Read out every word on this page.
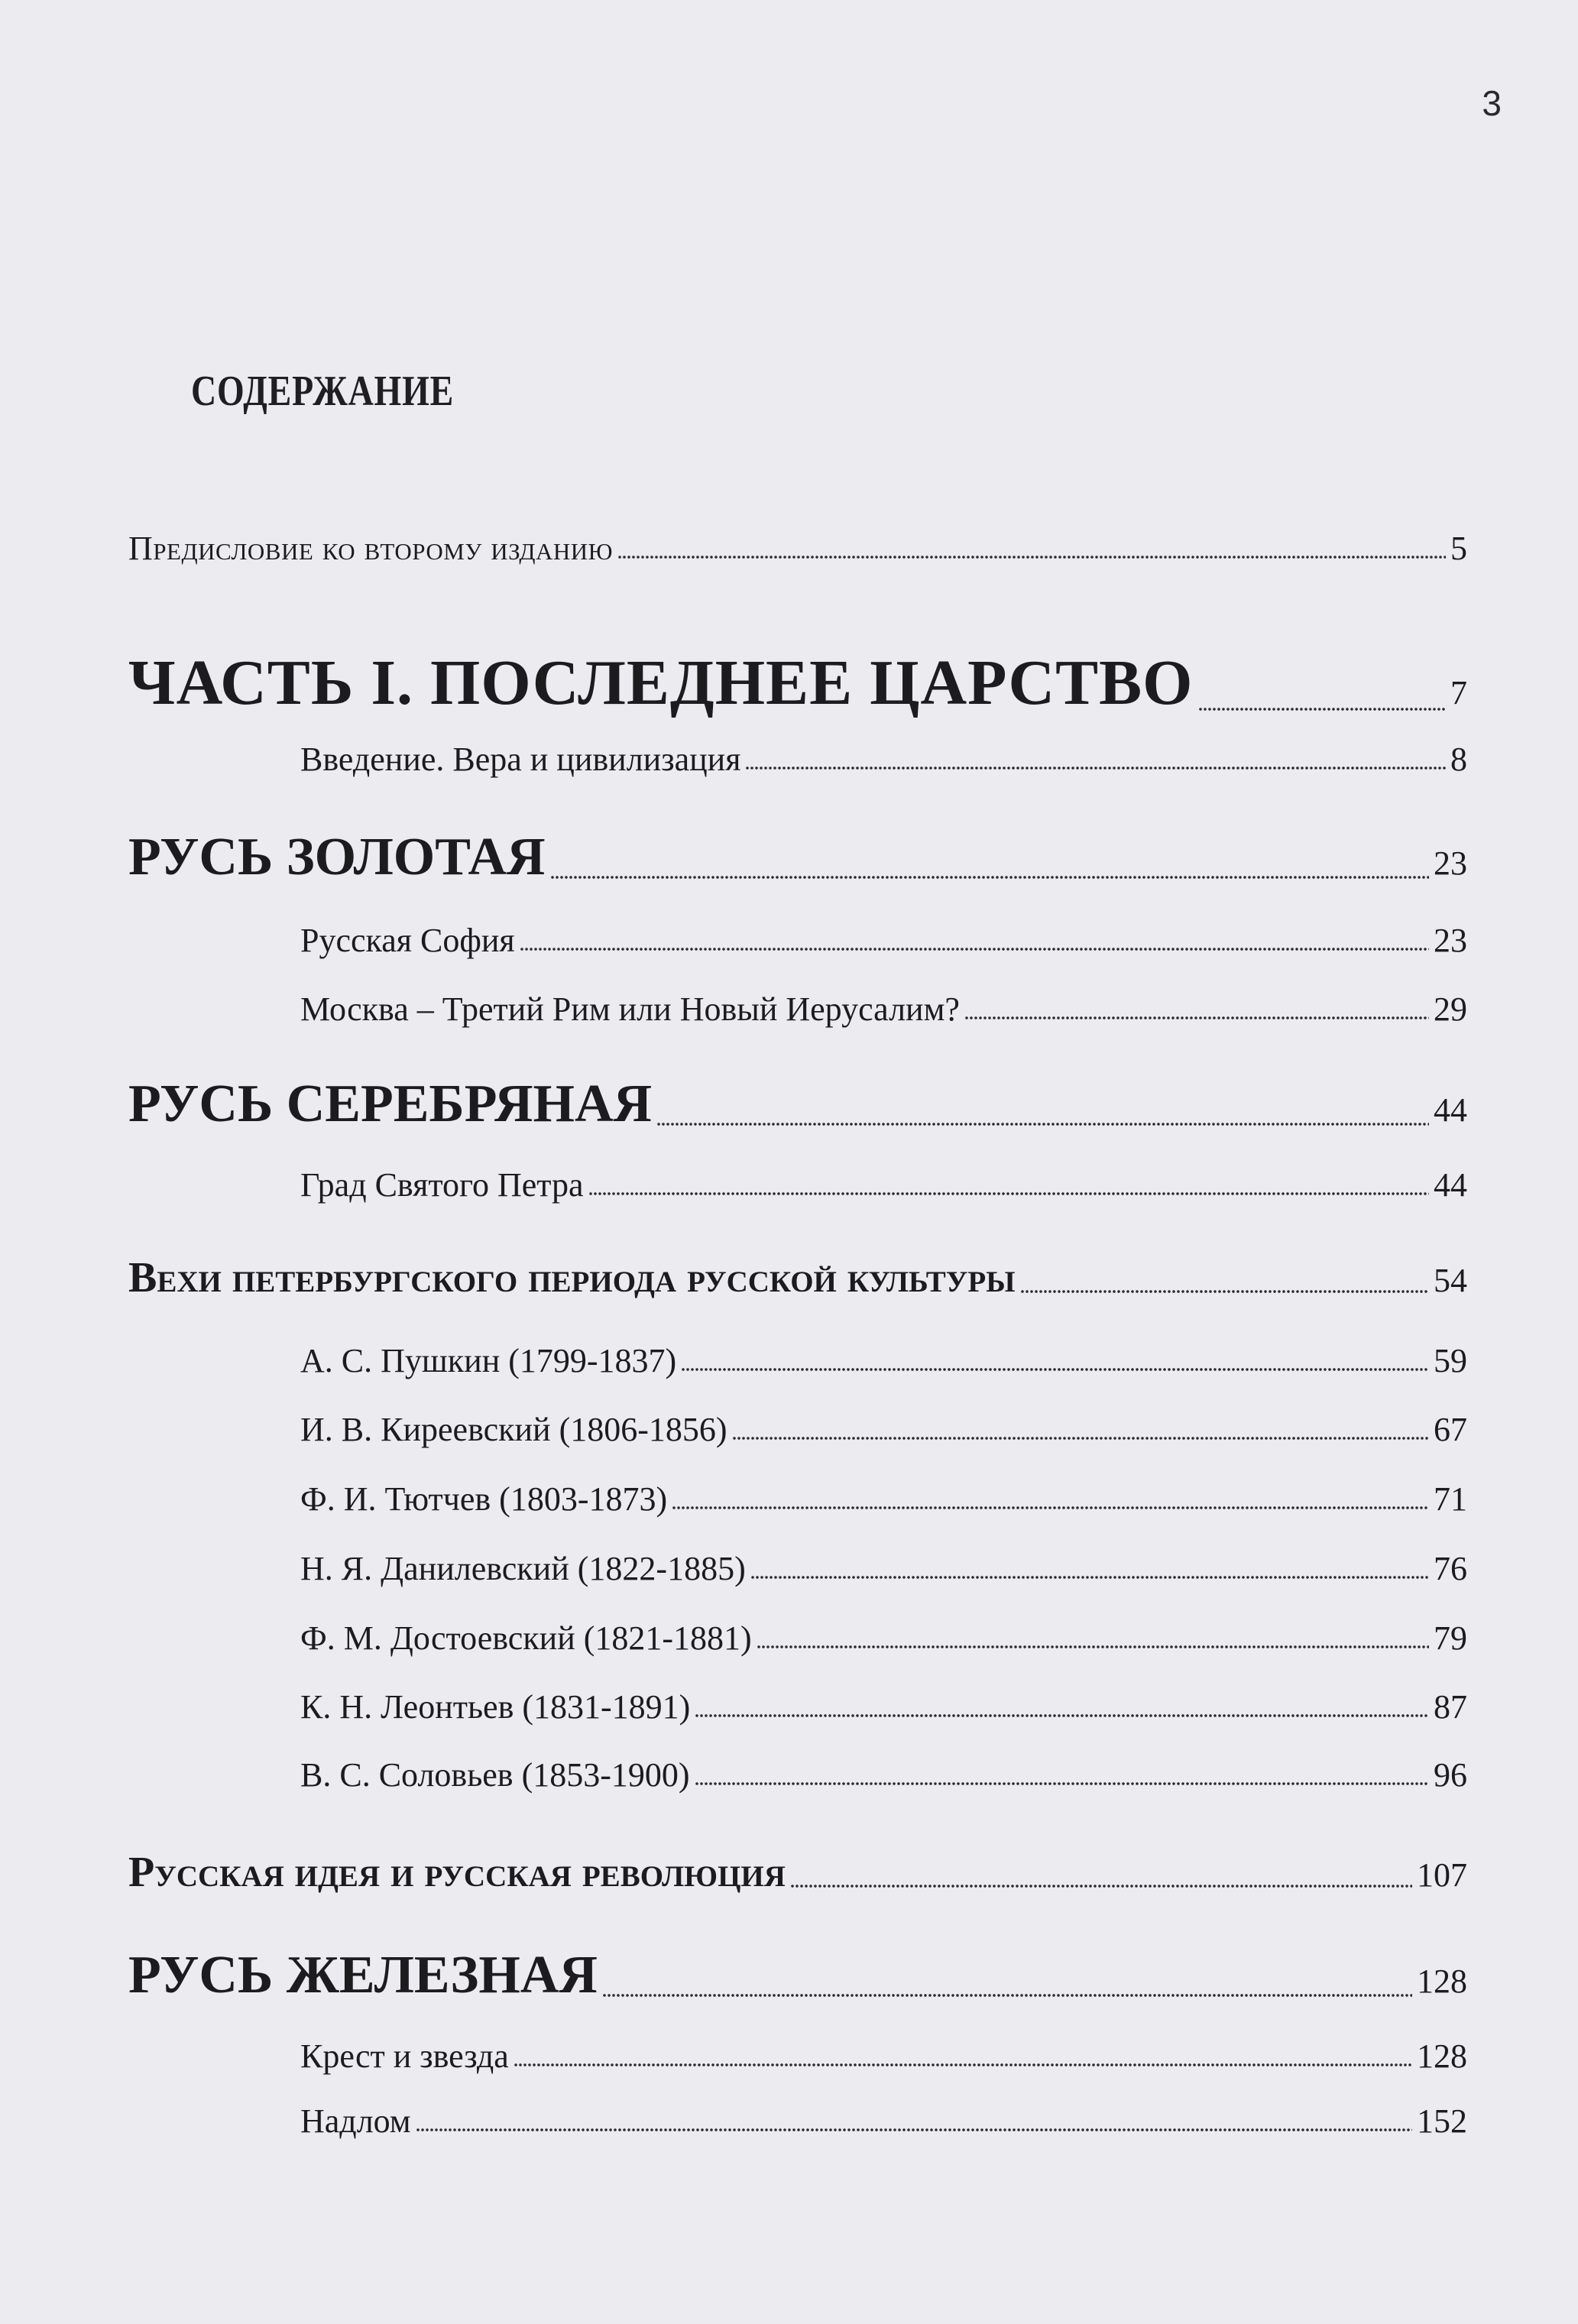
3
СОДЕРЖАНИЕ
Предисловие ко второму изданию	5
ЧАСТЬ I. ПОСЛЕДНЕЕ ЦАРСТВО	7
Введение. Вера и цивилизация	8
РУСЬ ЗОЛОТАЯ	23
Русская София	23
Москва – Третий Рим или Новый Иерусалим?	29
РУСЬ СЕРЕБРЯНАЯ	44
Град Святого Петра	44
Вехи петербургского периода русской культуры	54
А. С. Пушкин (1799-1837)	59
И. В. Киреевский (1806-1856)	67
Ф. И. Тютчев (1803-1873)	71
Н. Я. Данилевский (1822-1885)	76
Ф. М. Достоевский (1821-1881)	79
К. Н. Леонтьев (1831-1891)	87
В. С. Соловьев (1853-1900)	96
Русская идея и русская революция	107
РУСЬ ЖЕЛЕЗНАЯ	128
Крест и звезда	128
Надлом	152
